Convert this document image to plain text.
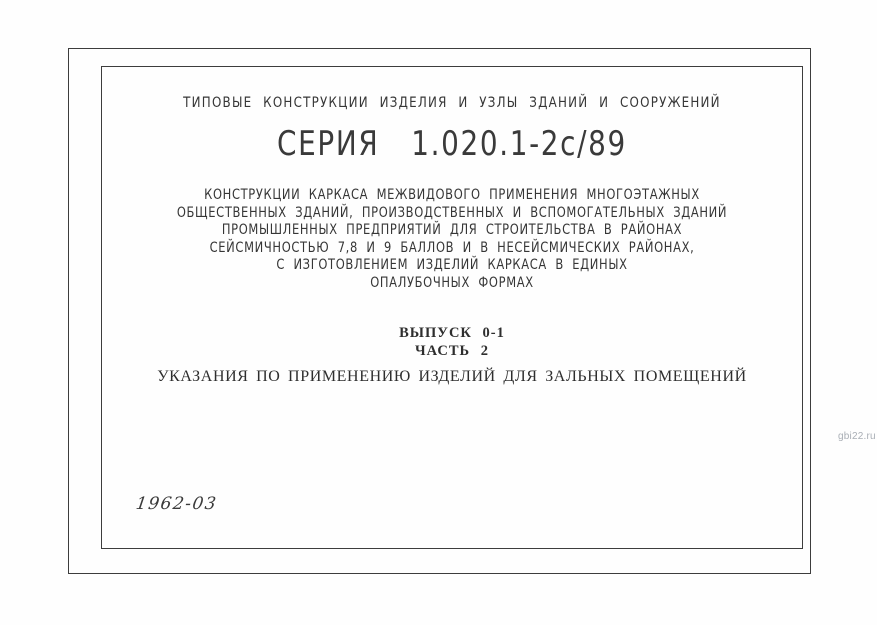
ТИПОВЫЕ КОНСТРУКЦИИ ИЗДЕЛИЯ И УЗЛЫ ЗДАНИЙ И СООРУЖЕНИЙ
СЕРИЯ 1.020.1-2с/89
КОНСТРУКЦИИ КАРКАСА МЕЖВИДОВОГО ПРИМЕНЕНИЯ МНОГОЭТАЖНЫХ
ОБЩЕСТВЕННЫХ ЗДАНИЙ, ПРОИЗВОДСТВЕННЫХ И ВСПОМОГАТЕЛЬНЫХ ЗДАНИЙ
ПРОМЫШЛЕННЫХ ПРЕДПРИЯТИЙ ДЛЯ СТРОИТЕЛЬСТВА В РАЙОНАХ
СЕЙСМИЧНОСТЬЮ 7,8 И 9 БАЛЛОВ И В НЕСЕЙСМИЧЕСКИХ РАЙОНАХ,
С ИЗГОТОВЛЕНИЕМ ИЗДЕЛИЙ КАРКАСА В ЕДИНЫХ
ОПАЛУБОЧНЫХ ФОРМАХ
ВЫПУСК 0-1
ЧАСТЬ 2
УКАЗАНИЯ ПО ПРИМЕНЕНИЮ ИЗДЕЛИЙ ДЛЯ ЗАЛЬНЫХ ПОМЕЩЕНИЙ
1962-03
gbi22.ru
